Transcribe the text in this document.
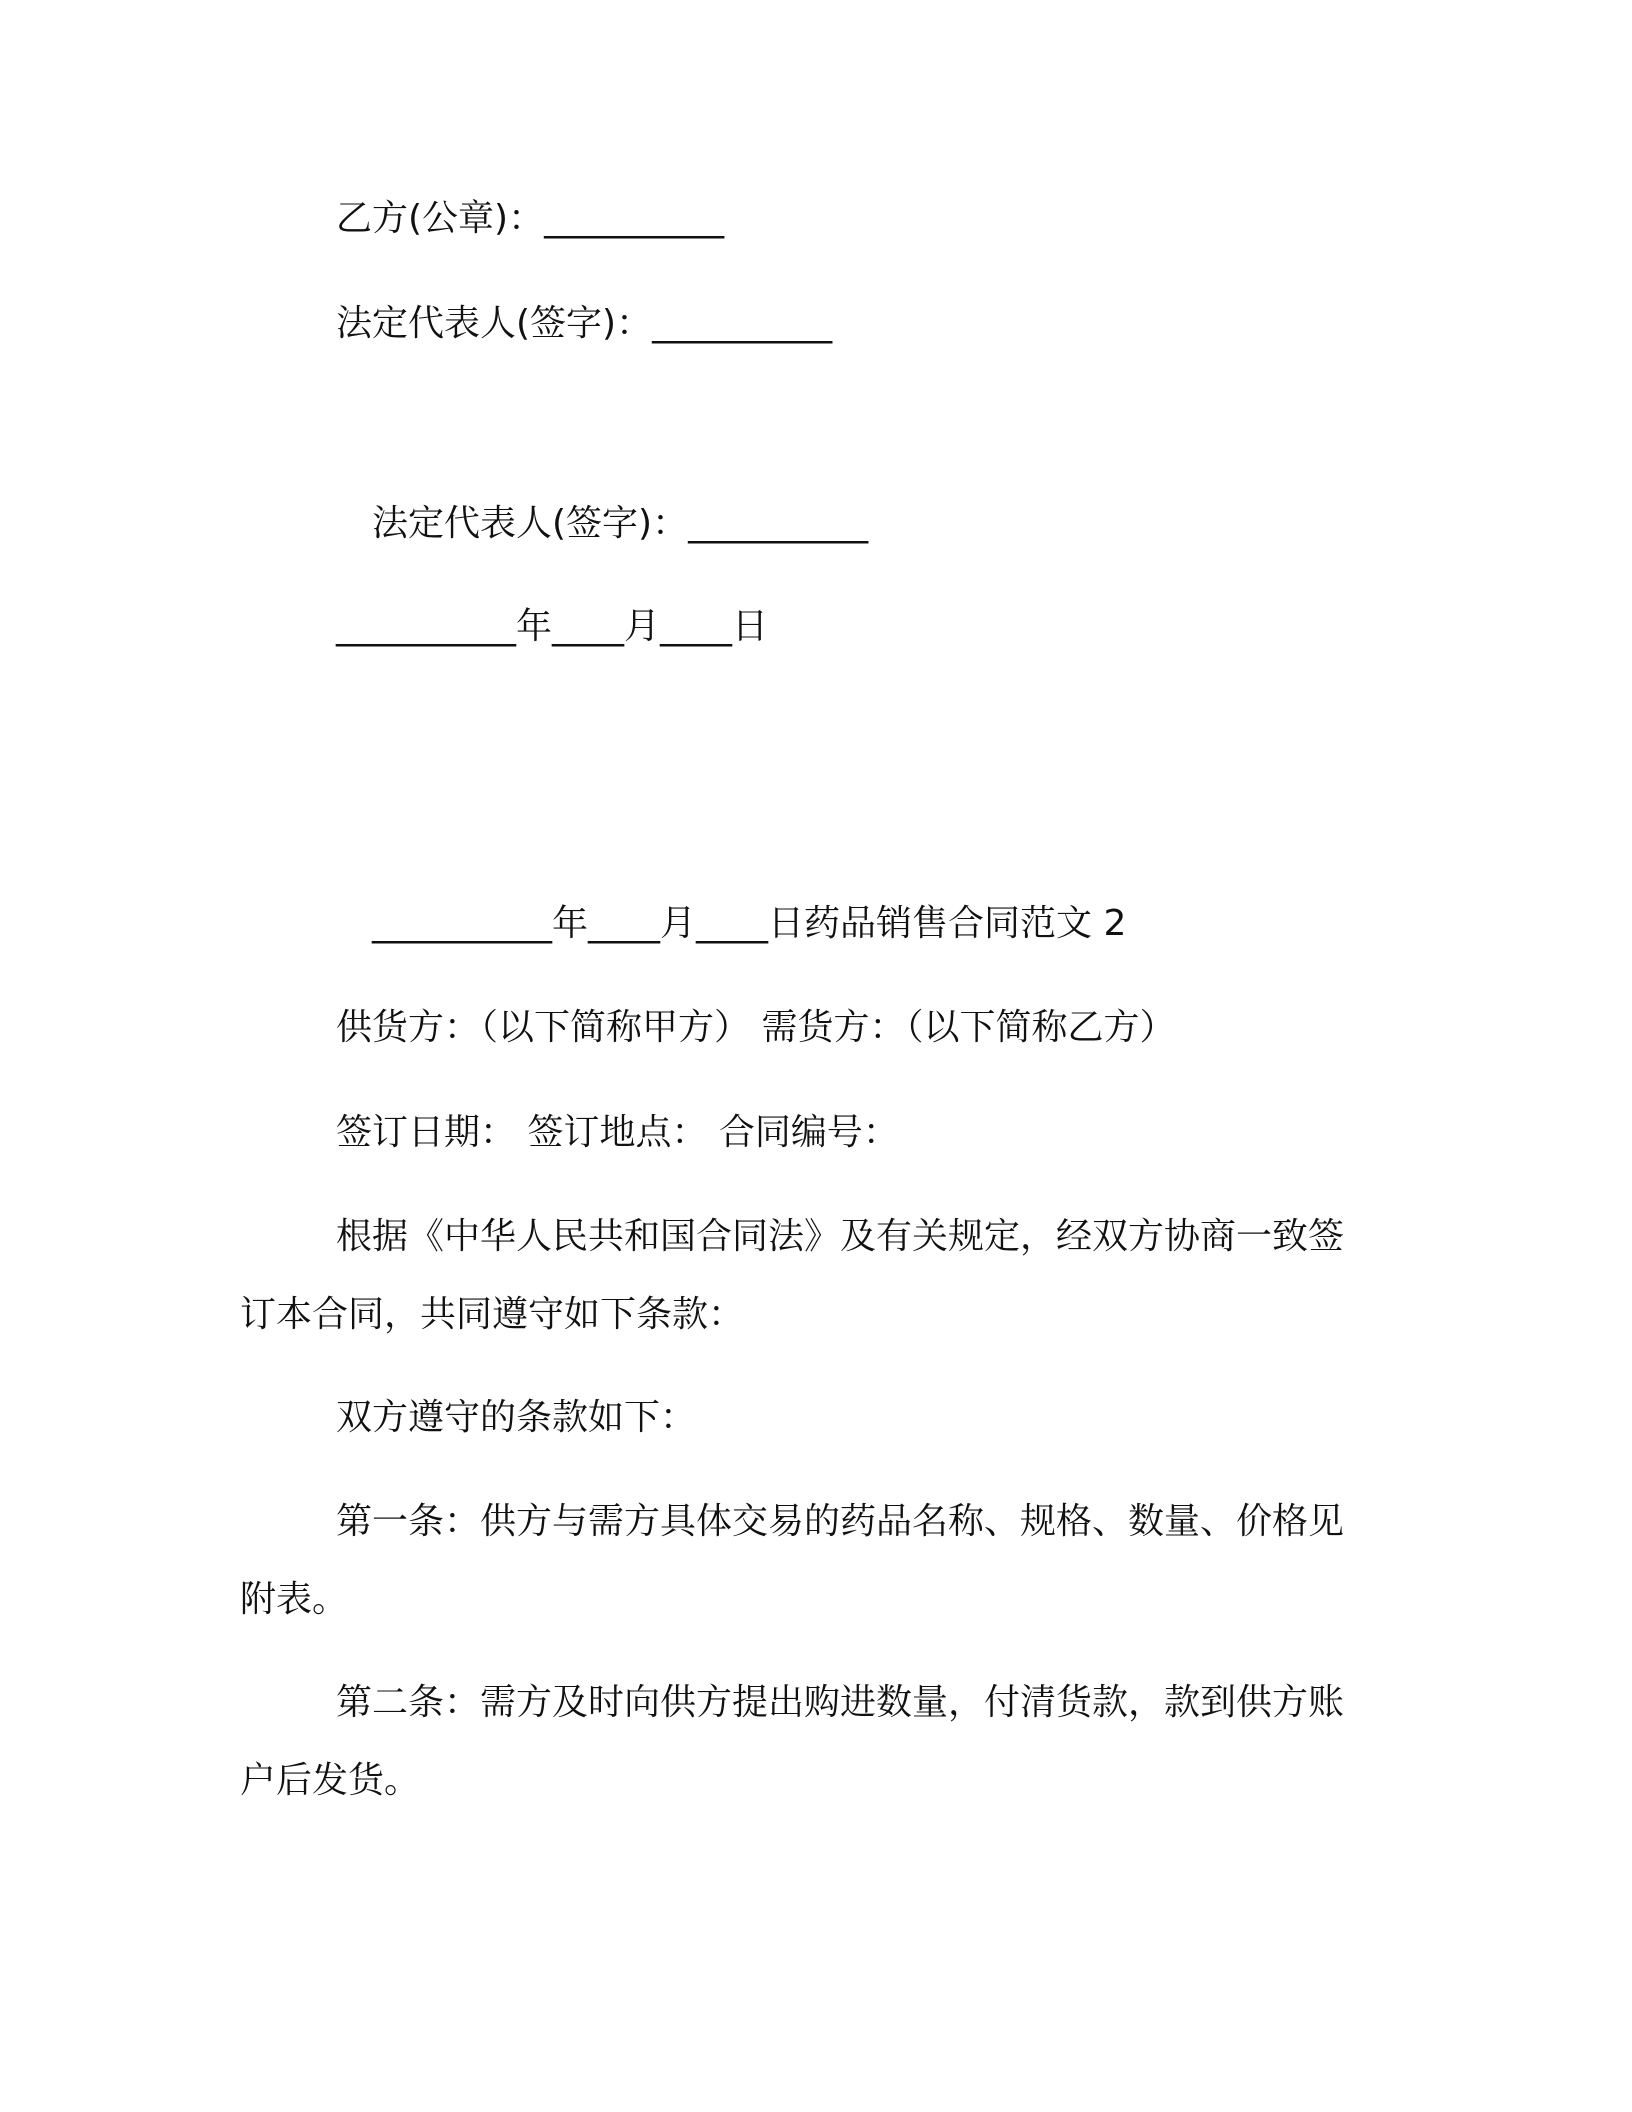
乙方(公章)：__________
法定代表人(签字)：__________
法定代表人(签字)：__________
__________年____月____日
__________年____月____日药品销售合同范文 2
供货方：（以下简称甲方） 需货方：（以下简称乙方）
签订日期： 签订地点： 合同编号：
根据《中华人民共和国合同法》及有关规定，经双方协商一致签
订本合同，共同遵守如下条款：
双方遵守的条款如下：
第一条：供方与需方具体交易的药品名称、规格、数量、价格见
附表。
第二条：需方及时向供方提出购进数量，付清货款，款到供方账
户后发货。
